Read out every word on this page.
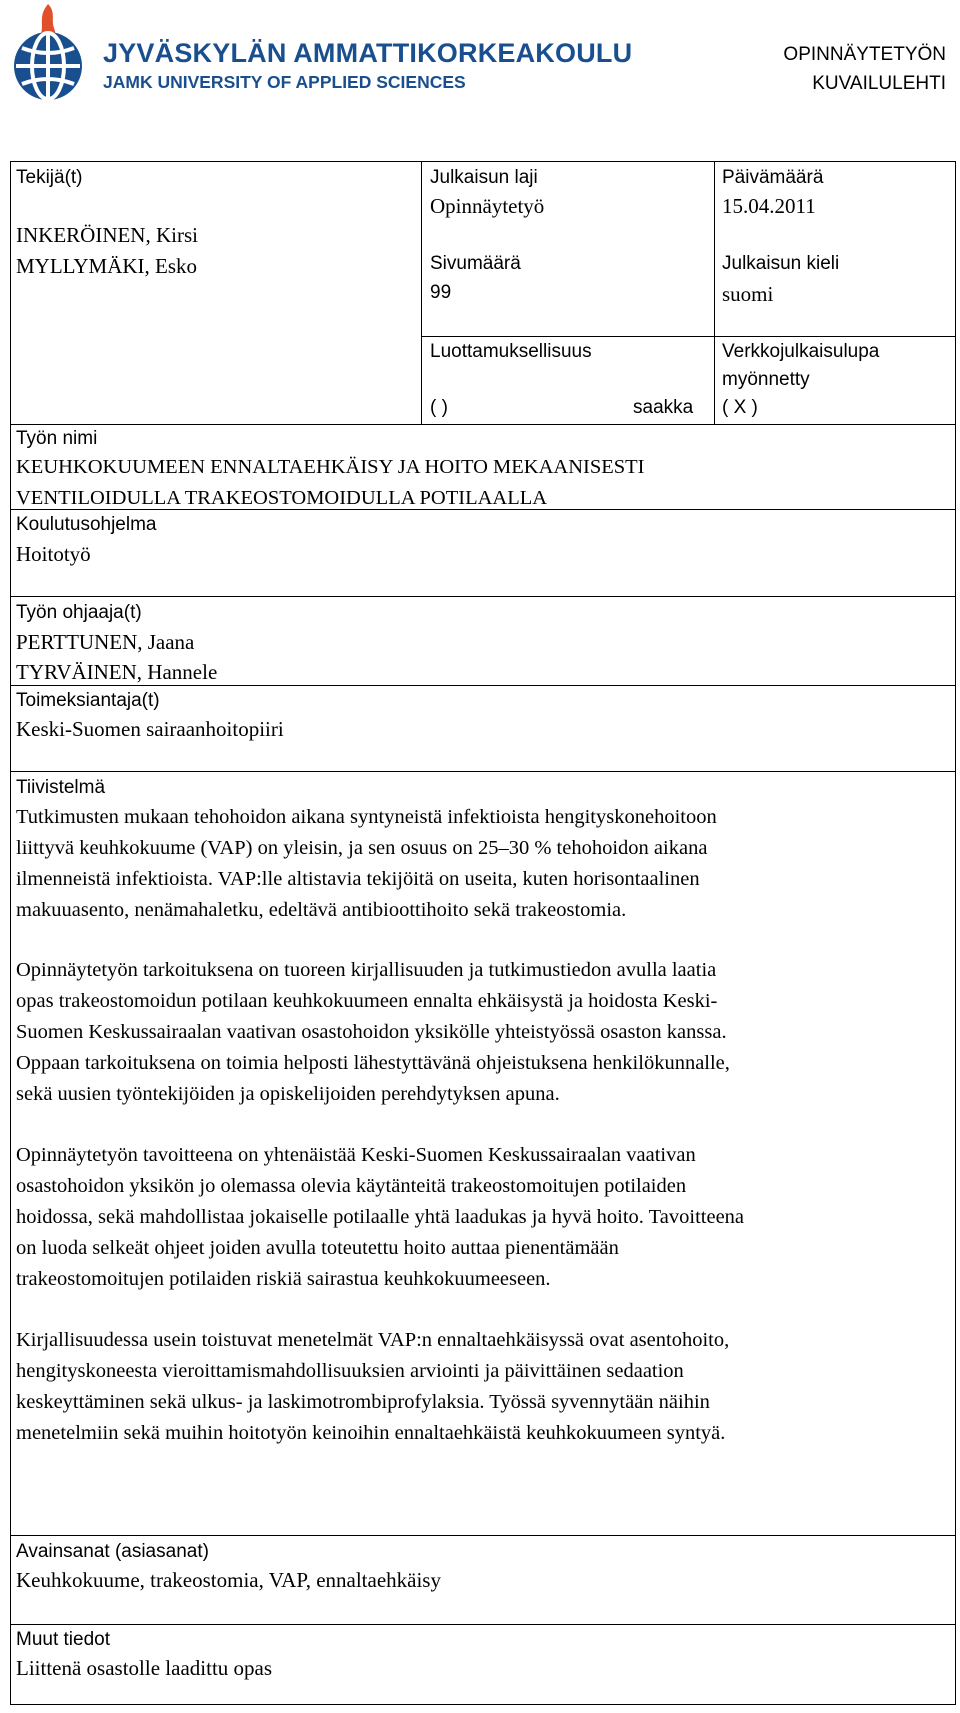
JYVÄSKYLÄN AMMATTIKORKEAKOULU
JAMK UNIVERSITY OF APPLIED SCIENCES
OPINNÄYTETYÖN
KUVAILULEHTI
Tekijä(t)
INKERÖINEN, Kirsi
MYLLYMÄKI, Esko
Julkaisun laji
Opinnäytetyö
Päivämäärä
15.04.2011
Sivumäärä
99
Julkaisun kieli
suomi
Luottamuksellisuus
( )	saakka
Verkkojulkaisulupa
myönnetty
( X )
Työn nimi
KEUHKOKUUMEEN ENNALTAEHKÄISY JA HOITO MEKAANISESTI
VENTILOIDULLA TRAKEOSTOMOIDULLA POTILAALLA
Koulutusohjelma
Hoitotyö
Työn ohjaaja(t)
PERTTUNEN, Jaana
TYRVÄINEN, Hannele
Toimeksiantaja(t)
Keski-Suomen sairaanhoitopiiri
Tiivistelmä
Tutkimusten mukaan tehohoidon aikana syntyneistä infektioista hengityskonehoitoon
liittyvä keuhkokuume (VAP) on yleisin, ja sen osuus on 25–30 % tehohoidon aikana
ilmenneistä infektioista. VAP:lle altistavia tekijöitä on useita, kuten horisontaalinen
makuuasento, nenämahaletku, edeltävä antibioottihoito sekä trakeostomia.
Opinnäytetyön tarkoituksena on tuoreen kirjallisuuden ja tutkimustiedon avulla laatia
opas trakeostomoidun potilaan keuhkokuumeen ennalta ehkäisystä ja hoidosta Keski-
Suomen Keskussairaalan vaativan osastohoidon yksikölle yhteistyössä osaston kanssa.
Oppaan tarkoituksena on toimia helposti lähestyttävänä ohjeistuksena henkilökunnalle,
sekä uusien työntekijöiden ja opiskelijoiden perehdytyksen apuna.
Opinnäytetyön tavoitteena on yhtenäistää Keski-Suomen Keskussairaalan vaativan
osastohoidon yksikön jo olemassa olevia käytänteitä trakeostomoitujen potilaiden
hoidossa, sekä mahdollistaa jokaiselle potilaalle yhtä laadukas ja hyvä hoito. Tavoitteena
on luoda selkeät ohjeet joiden avulla toteutettu hoito auttaa pienentämään
trakeostomoitujen potilaiden riskiä sairastua keuhkokuumeeseen.
Kirjallisuudessa usein toistuvat menetelmät VAP:n ennaltaehkäisyssä ovat asentohoito,
hengityskoneesta vieroittamismahdollisuuksien arviointi ja päivittäinen sedaation
keskeyttäminen sekä ulkus- ja laskimotrombiprofylaksia. Työssä syvennytään näihin
menetelmiin sekä muihin hoitotyön keinoihin ennaltaehkäistä keuhkokuumeen syntyä.
Avainsanat (asiasanat)
Keuhkokuume, trakeostomia, VAP, ennaltaehkäisy
Muut tiedot
Liittenä osastolle laadittu opas
